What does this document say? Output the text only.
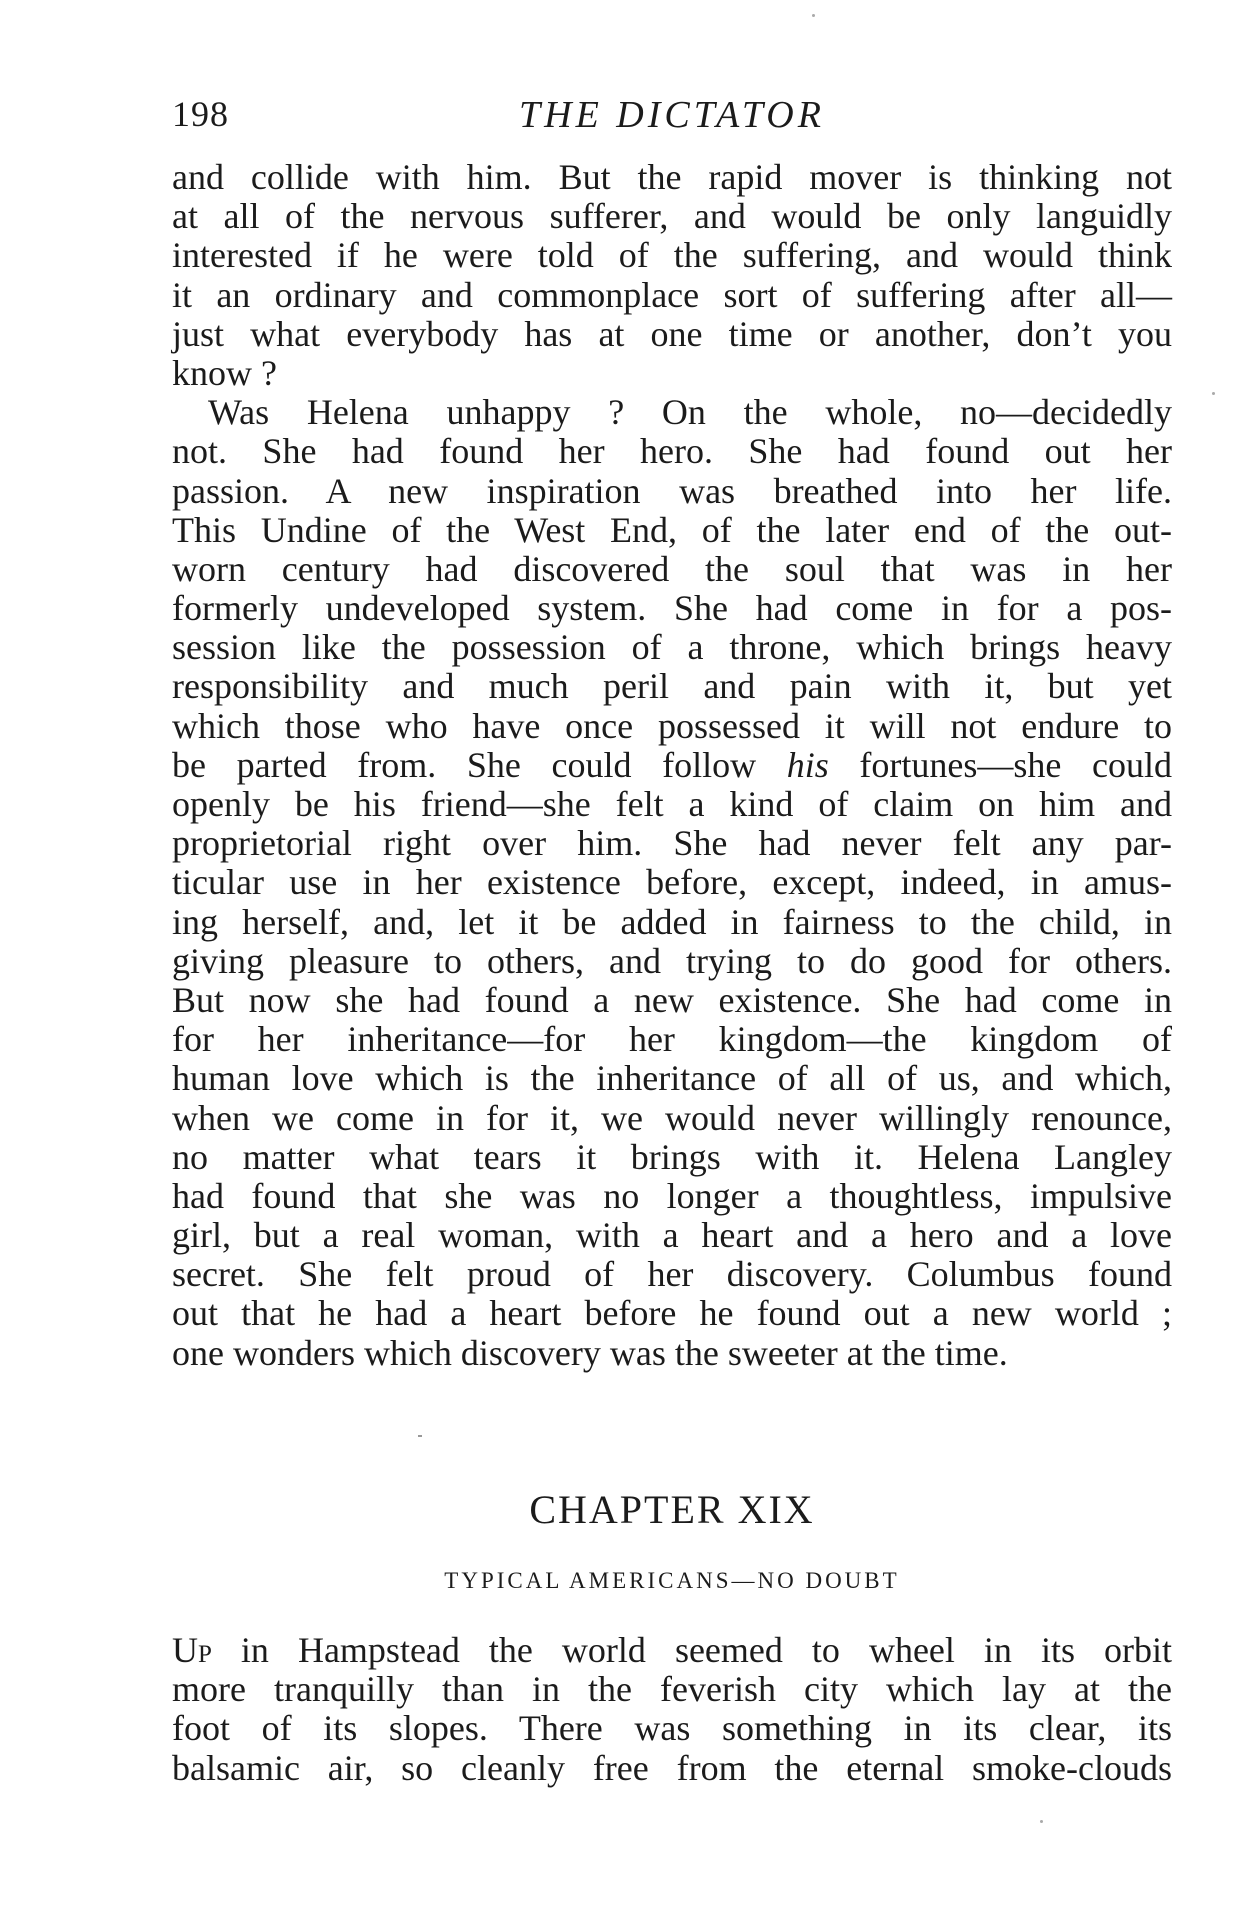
198	THE DICTATOR
and collide with him. But the rapid mover is thinking not
at all of the nervous sufferer, and would be only languidly
interested if he were told of the suffering, and would think
it an ordinary and commonplace sort of suffering after all—
just what everybody has at one time or another, don’t you
know ?
Was Helena unhappy ? On the whole, no—decidedly
not. She had found her hero. She had found out her
passion. A new inspiration was breathed into her life.
This Undine of the West End, of the later end of the out-
worn century had discovered the soul that was in her
formerly undeveloped system. She had come in for a pos-
session like the possession of a throne, which brings heavy
responsibility and much peril and pain with it, but yet
which those who have once possessed it will not endure to
be parted from. She could follow his fortunes—she could
openly be his friend—she felt a kind of claim on him and
proprietorial right over him. She had never felt any par-
ticular use in her existence before, except, indeed, in amus-
ing herself, and, let it be added in fairness to the child, in
giving pleasure to others, and trying to do good for others.
But now she had found a new existence. She had come in
for her inheritance—for her kingdom—the kingdom of
human love which is the inheritance of all of us, and which,
when we come in for it, we would never willingly renounce,
no matter what tears it brings with it. Helena Langley
had found that she was no longer a thoughtless, impulsive
girl, but a real woman, with a heart and a hero and a love
secret. She felt proud of her discovery. Columbus found
out that he had a heart before he found out a new world ;
one wonders which discovery was the sweeter at the time.
CHAPTER XIX
TYPICAL AMERICANS—NO DOUBT
Up in Hampstead the world seemed to wheel in its orbit
more tranquilly than in the feverish city which lay at the
foot of its slopes. There was something in its clear, its
balsamic air, so cleanly free from the eternal smoke-clouds
